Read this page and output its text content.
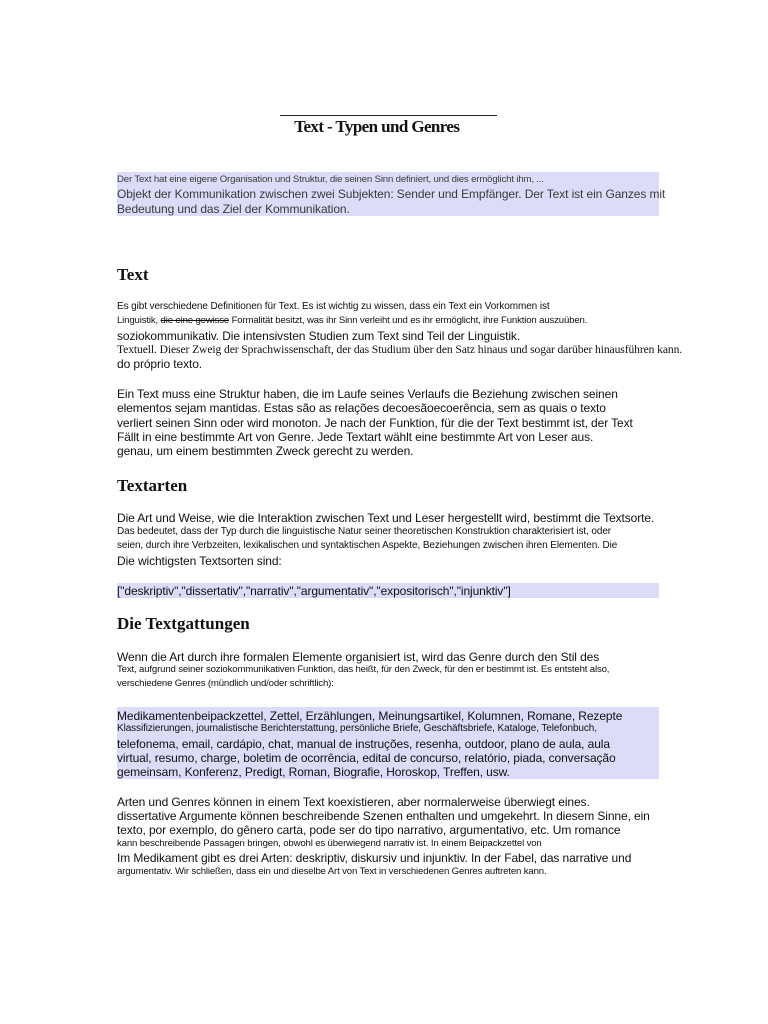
Text - Typen und Genres

Der Text hat eine eigene Organisation und Struktur, die seinen Sinn definiert, und dies ermöglicht ihm, ...
Objekt der Kommunikation zwischen zwei Subjekten: Sender und Empfänger. Der Text ist ein Ganzes mit
Bedeutung und das Ziel der Kommunikation.
Text
Es gibt verschiedene Definitionen für Text. Es ist wichtig zu wissen, dass ein Text ein Vorkommen ist
Linguistik, die eine gewisse Formalität besitzt, was ihr Sinn verleiht und es ihr ermöglicht, ihre Funktion auszuüben.
soziokommunikativ. Die intensivsten Studien zum Text sind Teil der Linguistik.
Textuell. Dieser Zweig der Sprachwissenschaft, der das Studium über den Satz hinaus und sogar darüber hinausführen kann.
do próprio texto.
Ein Text muss eine Struktur haben, die im Laufe seines Verlaufs die Beziehung zwischen seinen
elementos sejam mantidas. Estas são as relações decoesãoecoerência, sem as quais o texto
verliert seinen Sinn oder wird monoton. Je nach der Funktion, für die der Text bestimmt ist, der Text
Fällt in eine bestimmte Art von Genre. Jede Textart wählt eine bestimmte Art von Leser aus.
genau, um einem bestimmten Zweck gerecht zu werden.
Textarten
Die Art und Weise, wie die Interaktion zwischen Text und Leser hergestellt wird, bestimmt die Textsorte.
Das bedeutet, dass der Typ durch die linguistische Natur seiner theoretischen Konstruktion charakterisiert ist, oder
seien, durch ihre Verbzeiten, lexikalischen und syntaktischen Aspekte, Beziehungen zwischen ihren Elementen. Die
Die wichtigsten Textsorten sind:
["deskriptiv","dissertativ","narrativ","argumentativ","expositorisch","injunktiv"]
Die Textgattungen
Wenn die Art durch ihre formalen Elemente organisiert ist, wird das Genre durch den Stil des
Text, aufgrund seiner soziokommunikativen Funktion, das heißt, für den Zweck, für den er bestimmt ist. Es entsteht also,
verschiedene Genres (mündlich und/oder schriftlich):
Medikamentenbeipackzettel, Zettel, Erzählungen, Meinungsartikel, Kolumnen, Romane, Rezepte
Klassifizierungen, journalistische Berichterstattung, persönliche Briefe, Geschäftsbriefe, Kataloge, Telefonbuch,
telefonema, email, cardápio, chat, manual de instruções, resenha, outdoor, plano de aula, aula
virtual, resumo, charge, boletim de ocorrência, edital de concurso, relatório, piada, conversação
gemeinsam, Konferenz, Predigt, Roman, Biografie, Horoskop, Treffen, usw.
Arten und Genres können in einem Text koexistieren, aber normalerweise überwiegt eines.
dissertative Argumente können beschreibende Szenen enthalten und umgekehrt. In diesem Sinne, ein
texto, por exemplo, do gênero carta, pode ser do tipo narrativo, argumentativo, etc. Um romance
kann beschreibende Passagen bringen, obwohl es überwiegend narrativ ist. In einem Beipackzettel von
Im Medikament gibt es drei Arten: deskriptiv, diskursiv und injunktiv. In der Fabel, das narrative und
argumentativ. Wir schließen, dass ein und dieselbe Art von Text in verschiedenen Genres auftreten kann.
